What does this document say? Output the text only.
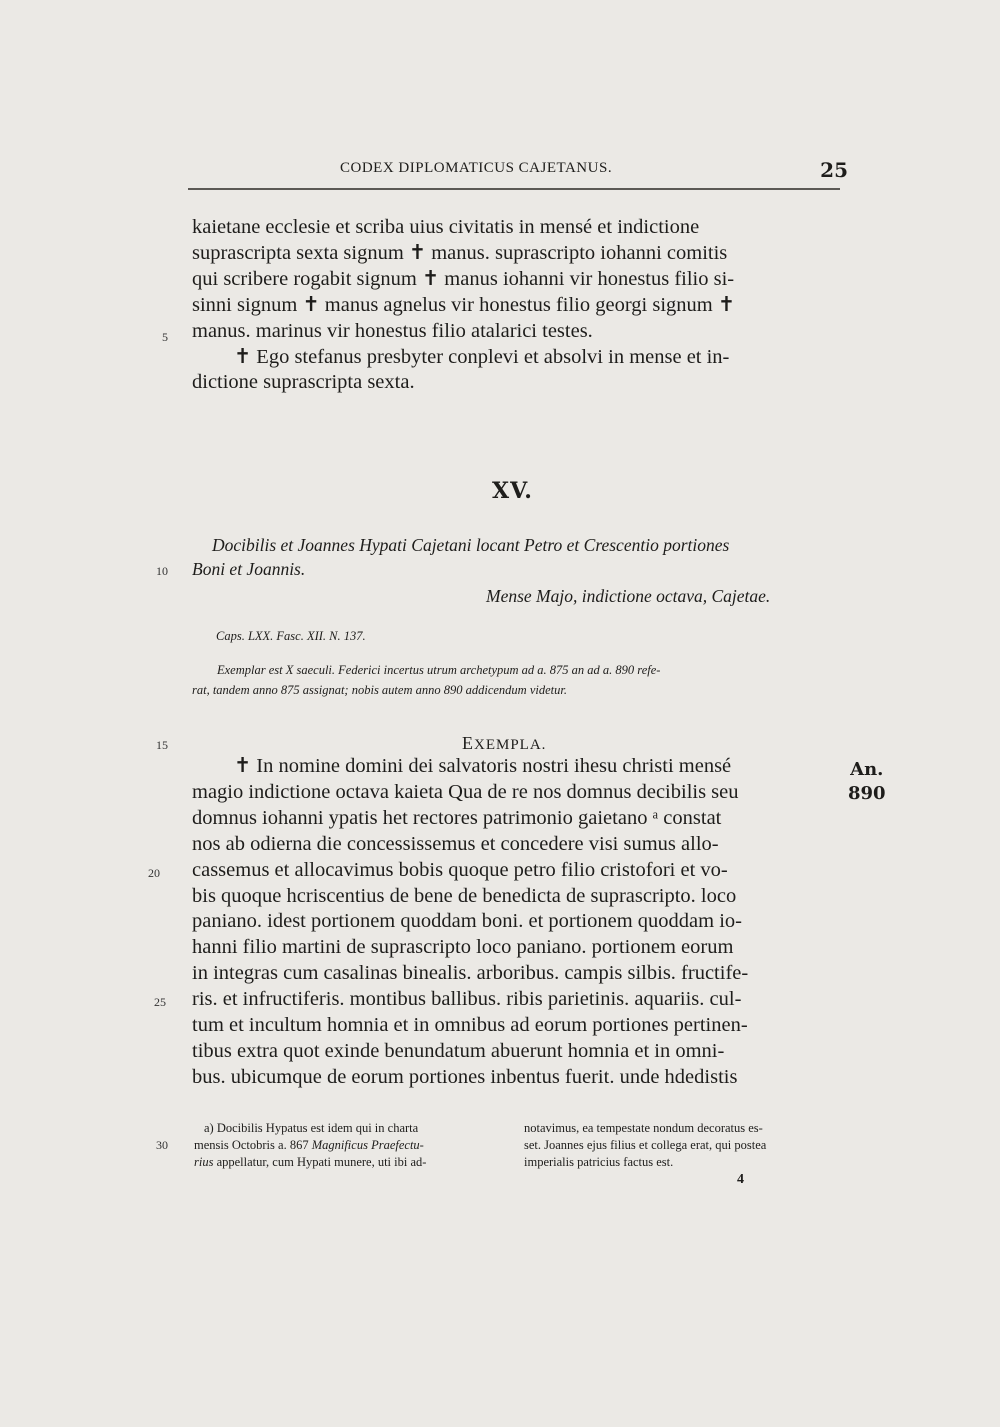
CODEX DIPLOMATICUS CAJETANUS.	25
kaietane ecclesie et scriba uius civitatis in mensé et indictione
suprascripta sexta signum ✝ manus. suprascripto iohanni comitis
qui scribere rogabit signum ✝ manus iohanni vir honestus filio si-
sinni signum ✝ manus agnelus vir honestus filio georgi signum ✝
manus. marinus vir honestus filio atalarici testes.
✝ Ego stefanus presbyter conplevi et absolvi in mense et in-
dictione suprascripta sexta.
5
10
15
20
25
30
XV.
Docibilis et Joannes Hypati Cajetani locant Petro et Crescentio portiones
Boni et Joannis.
Mense Majo, indictione octava, Cajetae.
Caps. LXX. Fasc. XII. N. 137.
Exemplar est X saeculi. Federici incertus utrum archetypum ad a. 875 an ad a. 890 refe-
rat, tandem anno 875 assignat; nobis autem anno 890 addicendum videtur.
EXEMPLA.
✝ In nomine domini dei salvatoris nostri ihesu christi mensé
magio indictione octava kaieta Qua de re nos domnus decibilis seu
domnus iohanni ypatis het rectores patrimonio gaietano ᵃ constat
nos ab odierna die concessissemus et concedere visi sumus allo-
cassemus et allocavimus bobis quoque petro filio cristofori et vo-
bis quoque hcriscentius de bene de benedicta de suprascripto. loco
paniano. idest portionem quoddam boni. et portionem quoddam io-
hanni filio martini de suprascripto loco paniano. portionem eorum
in integras cum casalinas binealis. arboribus. campis silbis. fructife-
ris. et infructiferis. montibus ballibus. ribis parietinis. aquariis. cul-
tum et incultum homnia et in omnibus ad eorum portiones pertinen-
tibus extra quot exinde benundatum abuerunt homnia et in omni-
bus. ubicumque de eorum portiones inbentus fuerit. unde hdedistis
An.
890
a) Docibilis Hypatus est idem qui in charta
mensis Octobris a. 867 Magnificus Praefectu-
rius appellatur, cum Hypati munere, uti ibi ad-
notavimus, ea tempestate nondum decoratus es-
set. Joannes ejus filius et collega erat, qui postea
imperialis patricius factus est.
4
